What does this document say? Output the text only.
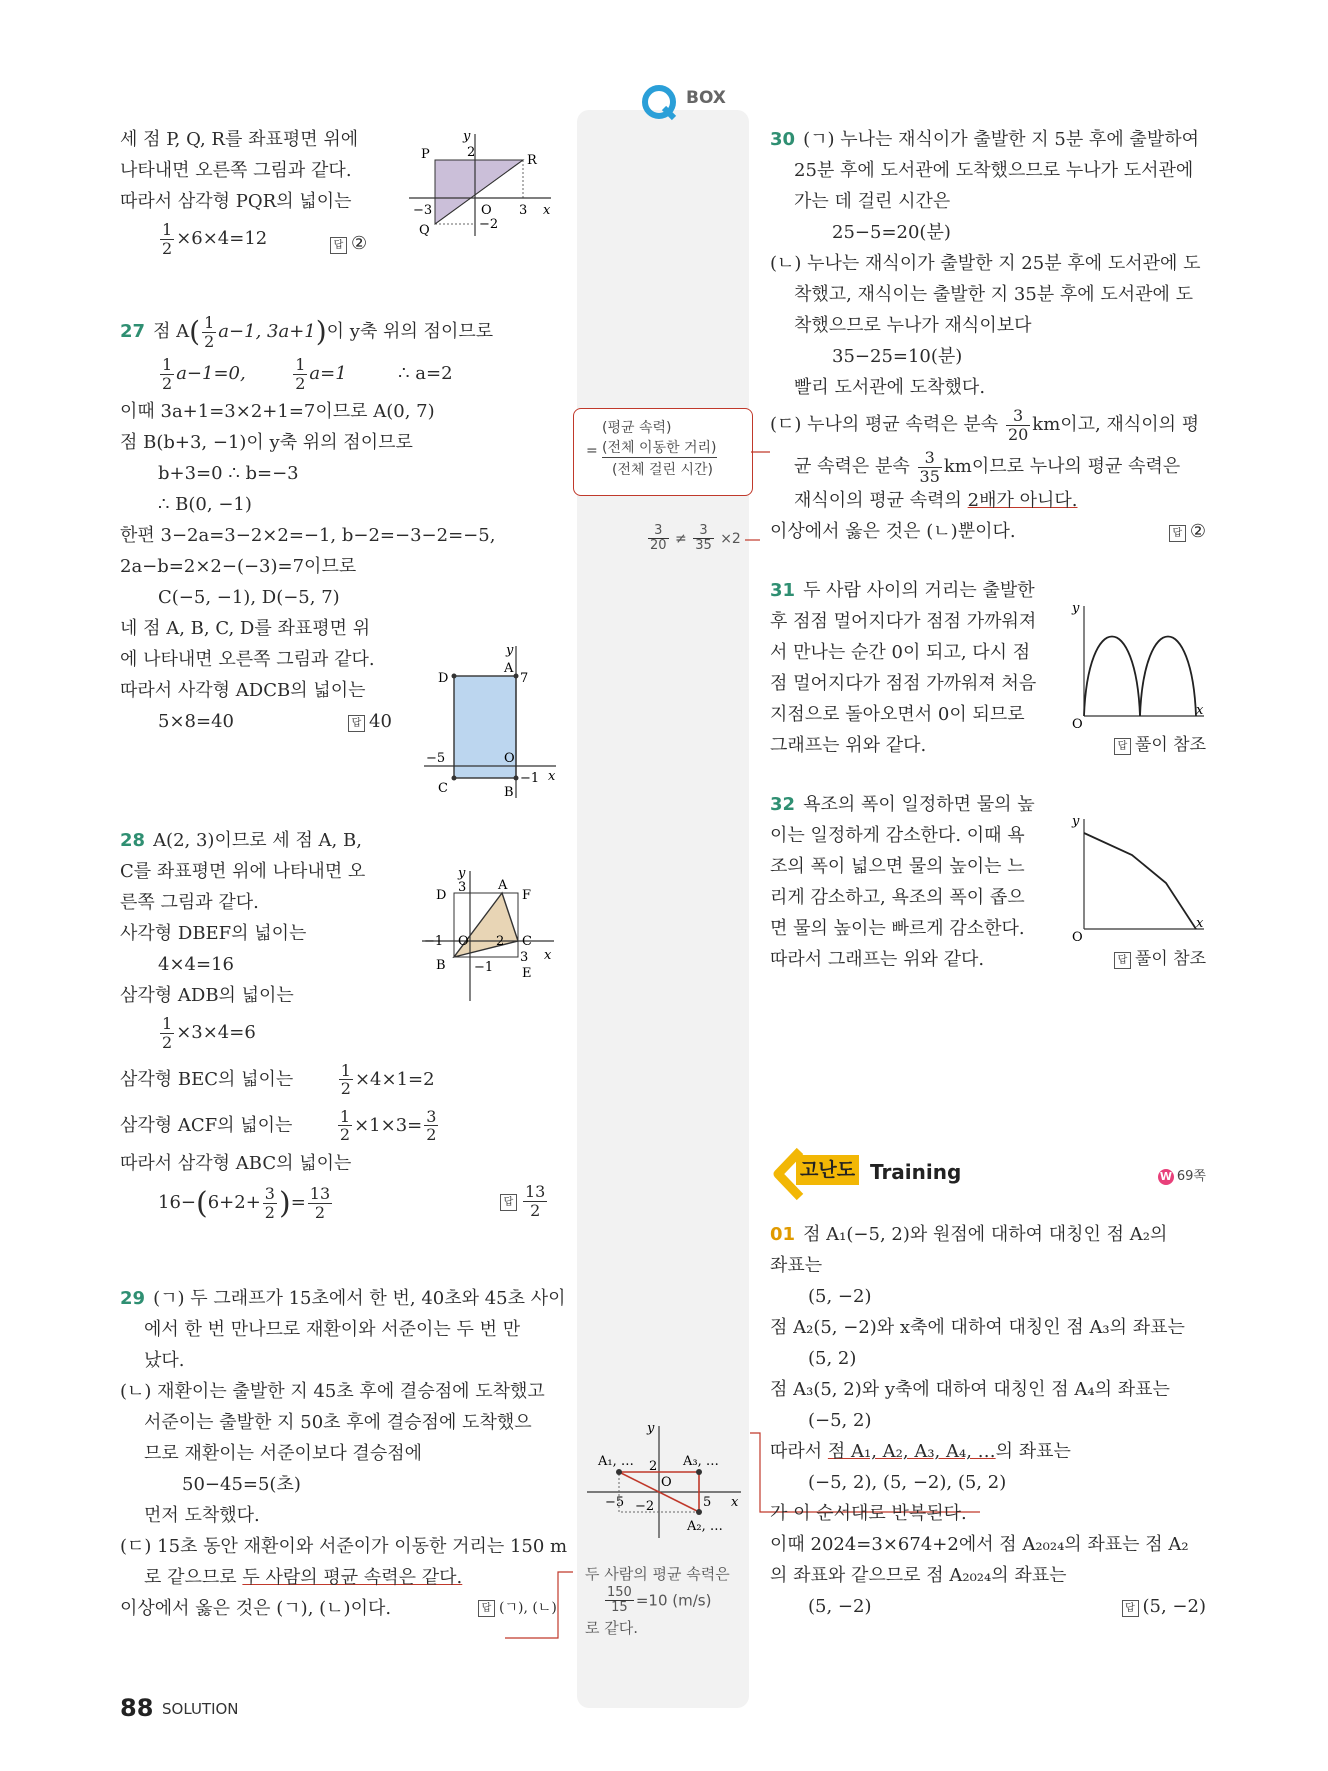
BOX
(평균 속력)
= (전체 이동한 거리)
(전체 걸린 시간)
$\frac{3}{20} \ne \frac{3}{35} \times 2$
A₁, …	A₃, …
A₂, …
y
x
O
2
−2
−5	5
두 사람의 평균 속력은
$\frac{150}{15} =10$ (m/s)
로 같다.
세 점 P, Q, R를 좌표평면 위에
나타내면 오른쪽 그림과 같다.
따라서 삼각형 PQR의 넓이는
$\frac{1}{2} \times 6\times 4=12$	답 ②
27 점 $A( \frac{1}{2} a-1$, 3a+1)이 y축 위의 점이므로
$\frac{1}{2} a-1=0$,	$\frac{1}{2} a=1$	∴ a=2
이때 3a+1=3×2+1=7이므로 A(0, 7)
점 B(b+3, −1)이 y축 위의 점이므로
b+3=0 ∴ b=−3
∴ B(0, −1)
한편 3−2a=3−2×2=−1, b−2=−3−2=−5,
2a−b=2×2−(−3)=7이므로
C(−5, −1), D(−5, 7)
네 점 A, B, C, D를 좌표평면 위
에 나타내면 오른쪽 그림과 같다.
따라서 사각형 ADCB의 넓이는
5×8=40	답 40
28 A(2, 3)이므로 세 점 A, B,
C를 좌표평면 위에 나타내면 오
른쪽 그림과 같다.
사각형 DBEF의 넓이는
4×4=16
삼각형 ADB의 넓이는
$\frac{1}{2} \times 3\times 4=6$
삼각형 BEC의 넓이는	$\frac{1}{2} \times 4\times 1=2$
삼각형 ACF의 넓이는	$\frac{1}{2} \times 1\times 3= \frac{3}{2}$
따라서 삼각형 ABC의 넓이는
$16-(6+2+ \frac{3}{2}$ )= $\frac{13}{2}$	답 $\frac{13}{2}$
29 (ㄱ) 두 그래프가 15초에서 한 번, 40초와 45초 사이
에서 한 번 만나므로 재환이와 서준이는 두 번 만
났다.
(ㄴ) 재환이는 출발한 지 45초 후에 결승점에 도착했고
서준이는 출발한 지 50초 후에 결승점에 도착했으
므로 재환이는 서준이보다 결승점에
50−45=5(초)
먼저 도착했다.
(ㄷ) 15초 동안 재환이와 서준이가 이동한 거리는 150 m
로 같으므로 두 사람의 평균 속력은 같다.
이상에서 옳은 것은 (ㄱ), (ㄴ)이다.	답 (ㄱ), (ㄴ)
P	R
Q
y
x
O
2
−3	3
−2
D
A
C	B
y
x
O
7
−5
−1
D
A
F
C
B
E
y
x
O
3
−1	2
3
−1
30 (ㄱ) 누나는 재식이가 출발한 지 5분 후에 출발하여
25분 후에 도서관에 도착했으므로 누나가 도서관에
가는 데 걸린 시간은
25−5=20(분)
(ㄴ) 누나는 재식이가 출발한 지 25분 후에 도서관에 도
착했고, 재식이는 출발한 지 35분 후에 도서관에 도
착했으므로 누나가 재식이보다
35−25=10(분)
빨리 도서관에 도착했다.
(ㄷ) 누나의 평균 속력은 분속 $\frac{3}{20}$ km이고, 재식이의 평
균 속력은 분속 $\frac{3}{35}$ km이므로 누나의 평균 속력은
재식이의 평균 속력의 2배가 아니다.
이상에서 옳은 것은 (ㄴ)뿐이다.	답 ②
31 두 사람 사이의 거리는 출발한
후 점점 멀어지다가 점점 가까워져
서 만나는 순간 0이 되고, 다시 점
점 멀어지다가 점점 가까워져 처음
지점으로 돌아오면서 0이 되므로
그래프는 위와 같다.	답 풀이 참조
32 욕조의 폭이 일정하면 물의 높
이는 일정하게 감소한다. 이때 욕
조의 폭이 넓으면 물의 높이는 느
리게 감소하고, 욕조의 폭이 좁으
면 물의 높이는 빠르게 감소한다.
따라서 그래프는 위와 같다.	답 풀이 참조
고난도 Training	W 69쪽
01 점 A₁(−5, 2)와 원점에 대하여 대칭인 점 A₂의
좌표는
(5, −2)
점 A₂(5, −2)와 x축에 대하여 대칭인 점 A₃의 좌표는
(5, 2)
점 A₃(5, 2)와 y축에 대하여 대칭인 점 A₄의 좌표는
(−5, 2)
따라서 점 A₁, A₂, A₃, A₄, …의 좌표는
(−5, 2), (5, −2), (5, 2)
가 이 순서대로 반복된다.
이때 2024=3×674+2에서 점 A₂₀₂₄의 좌표는 점 A₂
의 좌표와 같으므로 점 A₂₀₂₄의 좌표는
(5, −2)	답 (5, −2)
y
x
O
y
x
O
88 SOLUTION
